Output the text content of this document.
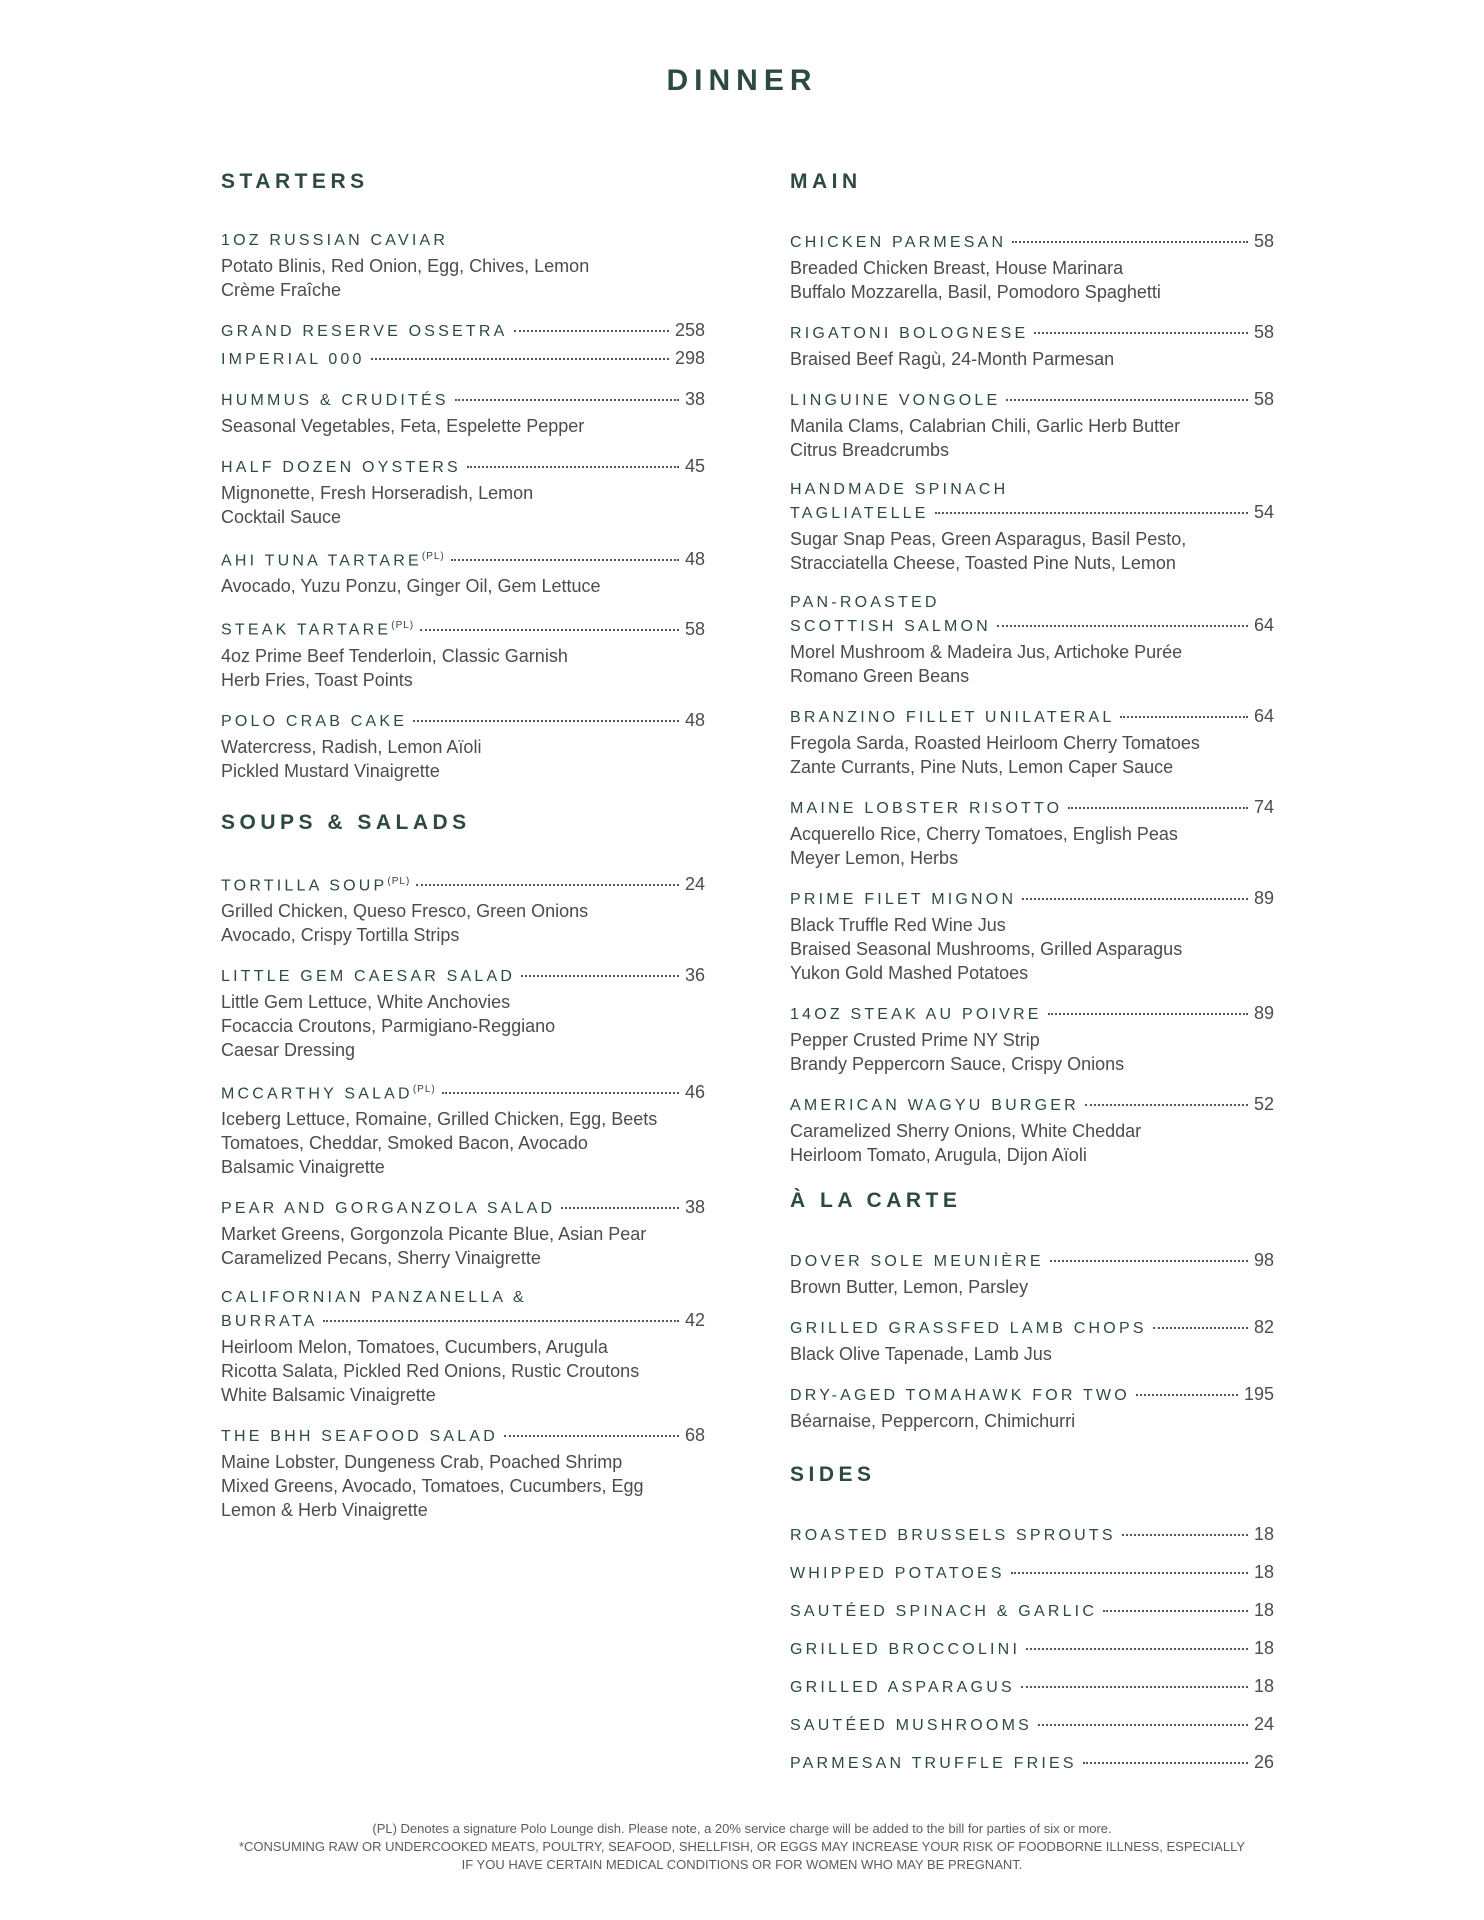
DINNER
STARTERS
1OZ RUSSIAN CAVIAR
Potato Blinis, Red Onion, Egg, Chives, Lemon
Crème Fraîche
GRAND RESERVE OSSETRA	258
IMPERIAL 000	298
HUMMUS & CRUDITÉS	38
Seasonal Vegetables, Feta, Espelette Pepper
HALF DOZEN OYSTERS	45
Mignonette, Fresh Horseradish, Lemon
Cocktail Sauce
AHI TUNA $TARTARE^{(PL)}$	48
Avocado, Yuzu Ponzu, Ginger Oil, Gem Lettuce
STEAK $TARTARE^{(PL)}$	58
4oz Prime Beef Tenderloin, Classic Garnish
Herb Fries, Toast Points
POLO CRAB CAKE	48
Watercress, Radish, Lemon Aïoli
Pickled Mustard Vinaigrette
SOUPS & SALADS
TORTILLA $SOUP^{(PL)}$	24
Grilled Chicken, Queso Fresco, Green Onions
Avocado, Crispy Tortilla Strips
LITTLE GEM CAESAR SALAD	36
Little Gem Lettuce, White Anchovies
Focaccia Croutons, Parmigiano-Reggiano
Caesar Dressing
MCCARTHY $SALAD^{(PL)}$	46
Iceberg Lettuce, Romaine, Grilled Chicken, Egg, Beets
Tomatoes, Cheddar, Smoked Bacon, Avocado
Balsamic Vinaigrette
PEAR AND GORGANZOLA SALAD	38
Market Greens, Gorgonzola Picante Blue, Asian Pear
Caramelized Pecans, Sherry Vinaigrette
CALIFORNIAN PANZANELLA &
BURRATA	42
Heirloom Melon, Tomatoes, Cucumbers, Arugula
Ricotta Salata, Pickled Red Onions, Rustic Croutons
White Balsamic Vinaigrette
THE BHH SEAFOOD SALAD	68
Maine Lobster, Dungeness Crab, Poached Shrimp
Mixed Greens, Avocado, Tomatoes, Cucumbers, Egg
Lemon & Herb Vinaigrette
MAIN
CHICKEN PARMESAN	58
Breaded Chicken Breast, House Marinara
Buffalo Mozzarella, Basil, Pomodoro Spaghetti
RIGATONI BOLOGNESE	58
Braised Beef Ragù, 24-Month Parmesan
LINGUINE VONGOLE	58
Manila Clams, Calabrian Chili, Garlic Herb Butter
Citrus Breadcrumbs
HANDMADE SPINACH
TAGLIATELLE	54
Sugar Snap Peas, Green Asparagus, Basil Pesto,
Stracciatella Cheese, Toasted Pine Nuts, Lemon
PAN-ROASTED
SCOTTISH SALMON	64
Morel Mushroom & Madeira Jus, Artichoke Purée
Romano Green Beans
BRANZINO FILLET UNILATERAL	64
Fregola Sarda, Roasted Heirloom Cherry Tomatoes
Zante Currants, Pine Nuts, Lemon Caper Sauce
MAINE LOBSTER RISOTTO	74
Acquerello Rice, Cherry Tomatoes, English Peas
Meyer Lemon, Herbs
PRIME FILET MIGNON	89
Black Truffle Red Wine Jus
Braised Seasonal Mushrooms, Grilled Asparagus
Yukon Gold Mashed Potatoes
14OZ STEAK AU POIVRE	89
Pepper Crusted Prime NY Strip
Brandy Peppercorn Sauce, Crispy Onions
AMERICAN WAGYU BURGER	52
Caramelized Sherry Onions, White Cheddar
Heirloom Tomato, Arugula, Dijon Aïoli
À LA CARTE
DOVER SOLE MEUNIÈRE	98
Brown Butter, Lemon, Parsley
GRILLED GRASSFED LAMB CHOPS	82
Black Olive Tapenade, Lamb Jus
DRY-AGED TOMAHAWK FOR TWO	195
Béarnaise, Peppercorn, Chimichurri
SIDES
ROASTED BRUSSELS SPROUTS	18
WHIPPED POTATOES	18
SAUTÉED SPINACH & GARLIC	18
GRILLED BROCCOLINI	18
GRILLED ASPARAGUS	18
SAUTÉED MUSHROOMS	24
PARMESAN TRUFFLE FRIES	26
(PL) Denotes a signature Polo Lounge dish. Please note, a 20% service charge will be added to the bill for parties of six or more.
*CONSUMING RAW OR UNDERCOOKED MEATS, POULTRY, SEAFOOD, SHELLFISH, OR EGGS MAY INCREASE YOUR RISK OF FOODBORNE ILLNESS, ESPECIALLY
IF YOU HAVE CERTAIN MEDICAL CONDITIONS OR FOR WOMEN WHO MAY BE PREGNANT.
